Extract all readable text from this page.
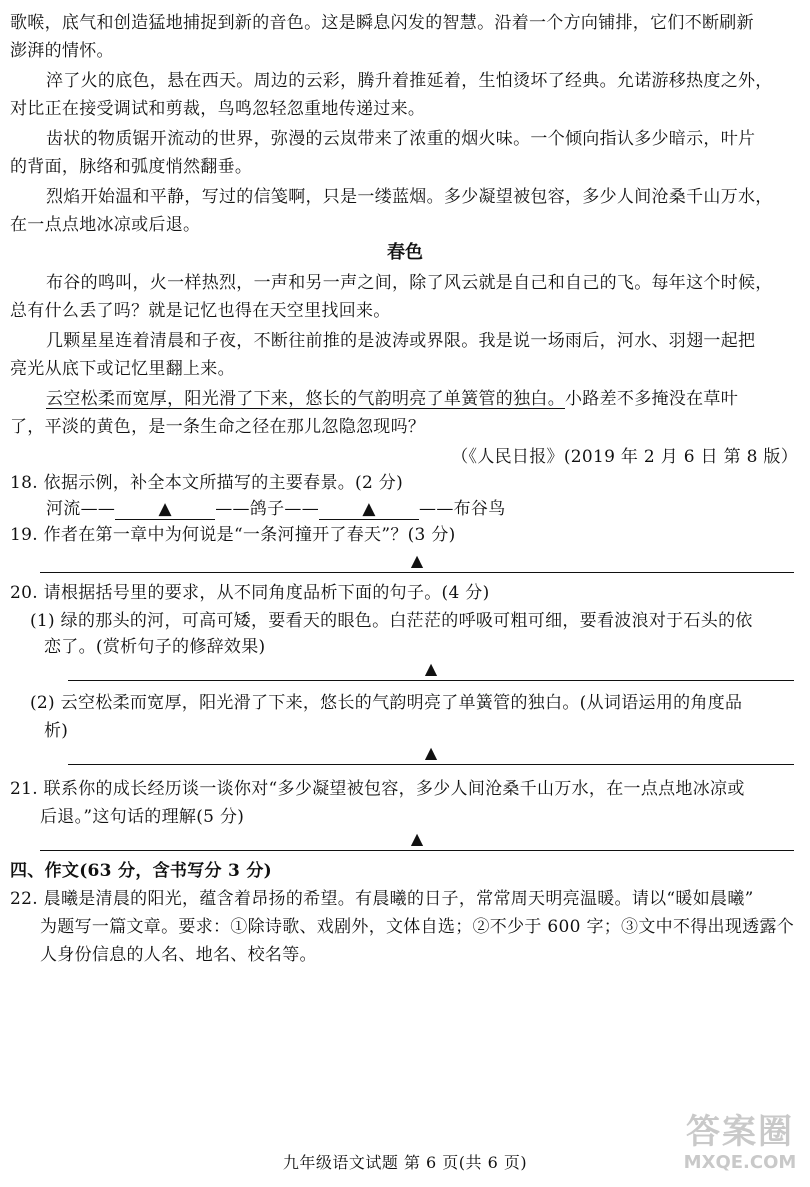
歌喉，底气和创造猛地捕捉到新的音色。这是瞬息闪发的智慧。沿着一个方向铺排，它们不断刷新
澎湃的情怀。
淬了火的底色，悬在西天。周边的云彩，腾升着推延着，生怕烫坏了经典。允诺游移热度之外，
对比正在接受调试和剪裁，鸟鸣忽轻忽重地传递过来。
齿状的物质锯开流动的世界，弥漫的云岚带来了浓重的烟火味。一个倾向指认多少暗示，叶片
的背面，脉络和弧度悄然翻垂。
烈焰开始温和平静，写过的信笺啊，只是一缕蓝烟。多少凝望被包容，多少人间沧桑千山万水，
在一点点地冰凉或后退。
春色
布谷的鸣叫，火一样热烈，一声和另一声之间，除了风云就是自己和自己的飞。每年这个时候，
总有什么丢了吗？就是记忆也得在天空里找回来。
几颗星星连着清晨和子夜，不断往前推的是波涛或界限。我是说一场雨后，河水、羽翅一起把
亮光从底下或记忆里翻上来。
云空松柔而宽厚，阳光滑了下来，悠长的气韵明亮了单簧管的独白。小路差不多掩没在草叶
了，平淡的黄色，是一条生命之径在那儿忽隐忽现吗？
（《人民日报》(2019 年 2 月 6 日 第 8 版）
18. 依据示例，补全本文所描写的主要春景。(2 分)
河流——	▲	——鸽子——	▲	——布谷鸟
19. 作者在第一章中为何说是“一条河撞开了春天”？(3 分)
▲
20. 请根据括号里的要求，从不同角度品析下面的句子。(4 分)
(1) 绿的那头的河，可高可矮，要看天的眼色。白茫茫的呼吸可粗可细，要看波浪对于石头的依
恋了。(赏析句子的修辞效果)
▲
(2) 云空松柔而宽厚，阳光滑了下来，悠长的气韵明亮了单簧管的独白。(从词语运用的角度品
析)
▲
21. 联系你的成长经历谈一谈你对“多少凝望被包容，多少人间沧桑千山万水，在一点点地冰凉或
后退。”这句话的理解(5 分)
▲
四、作文(63 分，含书写分 3 分)
22. 晨曦是清晨的阳光，蕴含着昂扬的希望。有晨曦的日子，常常周天明亮温暖。请以“暖如晨曦”
为题写一篇文章。要求：①除诗歌、戏剧外，文体自选；②不少于 600 字；③文中不得出现透露个
人身份信息的人名、地名、校名等。
九年级语文试题 第 6 页(共 6 页)
答案圈
MXQE.COM
